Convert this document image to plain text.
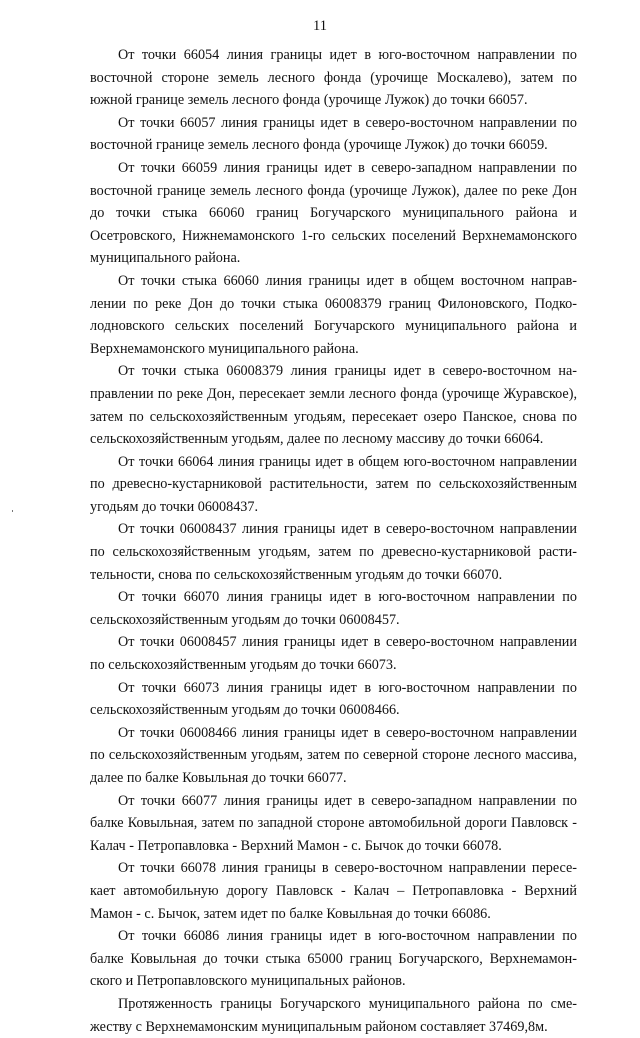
11

От точки 66054 линия границы идет в юго-восточном направлении по восточной стороне земель лесного фонда (урочище Москалево), затем по южной границе земель лесного фонда (урочище Лужок) до точки 66057.

От точки 66057 линия границы идет в северо-восточном направлении по восточной границе земель лесного фонда (урочище Лужок) до точки 66059.

От точки 66059 линия границы идет в северо-западном направлении по восточной границе земель лесного фонда (урочище Лужок), далее по реке Дон до точки стыка 66060 границ Богучарского муниципального района и Осетровского, Нижнемамонского 1-го сельских поселений Верхнемамонского муниципального района.

От точки стыка 66060 линия границы идет в общем восточном направлении по реке Дон до точки стыка 06008379 границ Филоновского, Подколодновского сельских поселений Богучарского муниципального района и Верхнемамонского муниципального района.

От точки стыка 06008379 линия границы идет в северо-восточном направлении по реке Дон, пересекает земли лесного фонда (урочище Журавское), затем по сельскохозяйственным угодьям, пересекает озеро Панское, снова по сельскохозяйственным угодьям, далее по лесному массиву до точки 66064.

От точки 66064 линия границы идет в общем юго-восточном направлении по древесно-кустарниковой растительности, затем по сельскохозяйственным угодьям до точки 06008437.

От точки 06008437 линия границы идет в северо-восточном направлении по сельскохозяйственным угодьям, затем по древесно-кустарниковой растительности, снова по сельскохозяйственным угодьям до точки 66070.

От точки 66070 линия границы идет в юго-восточном направлении по сельскохозяйственным угодьям до точки 06008457.

От точки 06008457 линия границы идет в северо-восточном направлении по сельскохозяйственным угодьям до точки 66073.

От точки 66073 линия границы идет в юго-восточном направлении по сельскохозяйственным угодьям до точки 06008466.

От точки 06008466 линия границы идет в северо-восточном направлении по сельскохозяйственным угодьям, затем по северной стороне лесного массива, далее по балке Ковыльная до точки 66077.

От точки 66077 линия границы идет в северо-западном направлении по балке Ковыльная, затем по западной стороне автомобильной дороги Павловск - Калач - Петропавловка - Верхний Мамон - с. Бычок до точки 66078.

От точки 66078 линия границы в северо-восточном направлении пересекает автомобильную дорогу Павловск - Калач – Петропавловка - Верхний Мамон - с. Бычок, затем идет по балке Ковыльная до точки 66086.

От точки 66086 линия границы идет в юго-восточном направлении по балке Ковыльная до точки стыка 65000 границ Богучарского, Верхнемамонского и Петропавловского муниципальных районов.

Протяженность границы Богучарского муниципального района по смежеству с Верхнемамонским муниципальным районом составляет 37469,8м.
